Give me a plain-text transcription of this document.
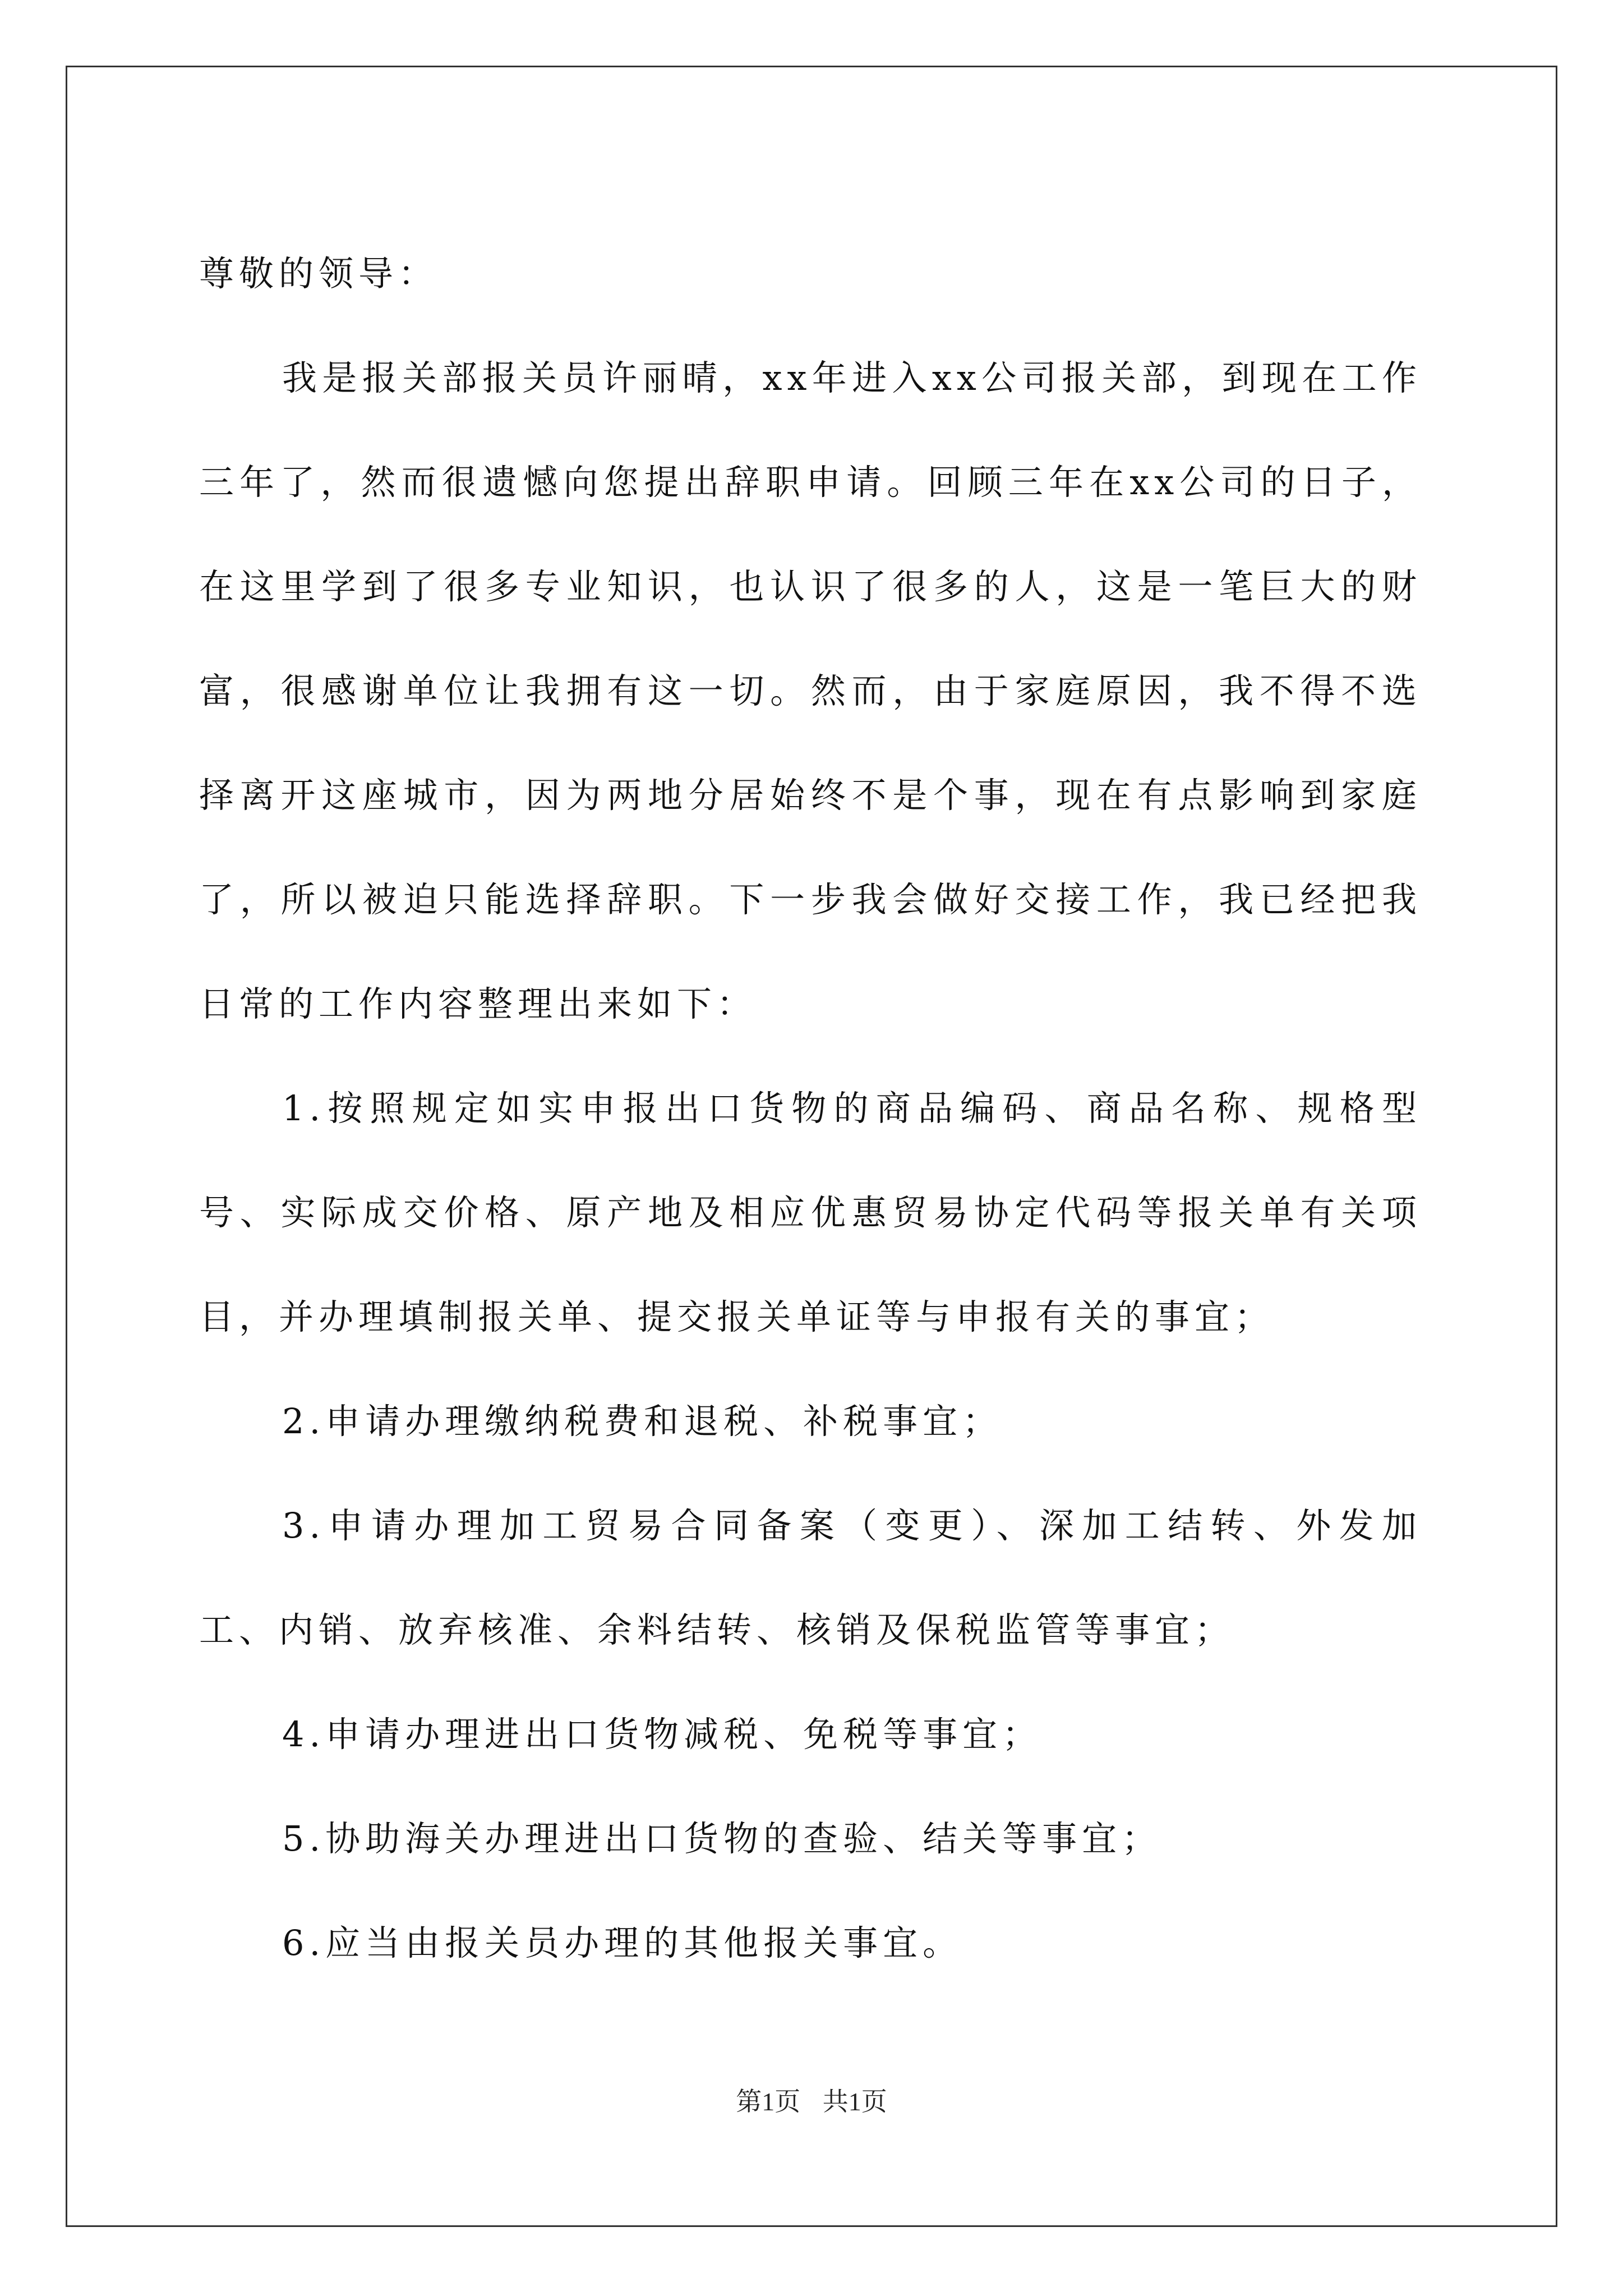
尊敬的领导：

我是报关部报关员许丽晴，xx年进入xx公司报关部，到现在工作三年了，然而很遗憾向您提出辞职申请。回顾三年在xx公司的日子，在这里学到了很多专业知识，也认识了很多的人，这是一笔巨大的财富，很感谢单位让我拥有这一切。然而，由于家庭原因，我不得不选择离开这座城市，因为两地分居始终不是个事，现在有点影响到家庭了，所以被迫只能选择辞职。下一步我会做好交接工作，我已经把我日常的工作内容整理出来如下：

1.按照规定如实申报出口货物的商品编码、商品名称、规格型号、实际成交价格、原产地及相应优惠贸易协定代码等报关单有关项目，并办理填制报关单、提交报关单证等与申报有关的事宜；

2.申请办理缴纳税费和退税、补税事宜；

3.申请办理加工贸易合同备案（变更）、深加工结转、外发加工、内销、放弃核准、余料结转、核销及保税监管等事宜；

4.申请办理进出口货物减税、免税等事宜；

5.协助海关办理进出口货物的查验、结关等事宜；

6.应当由报关员办理的其他报关事宜。

第1页 共1页
